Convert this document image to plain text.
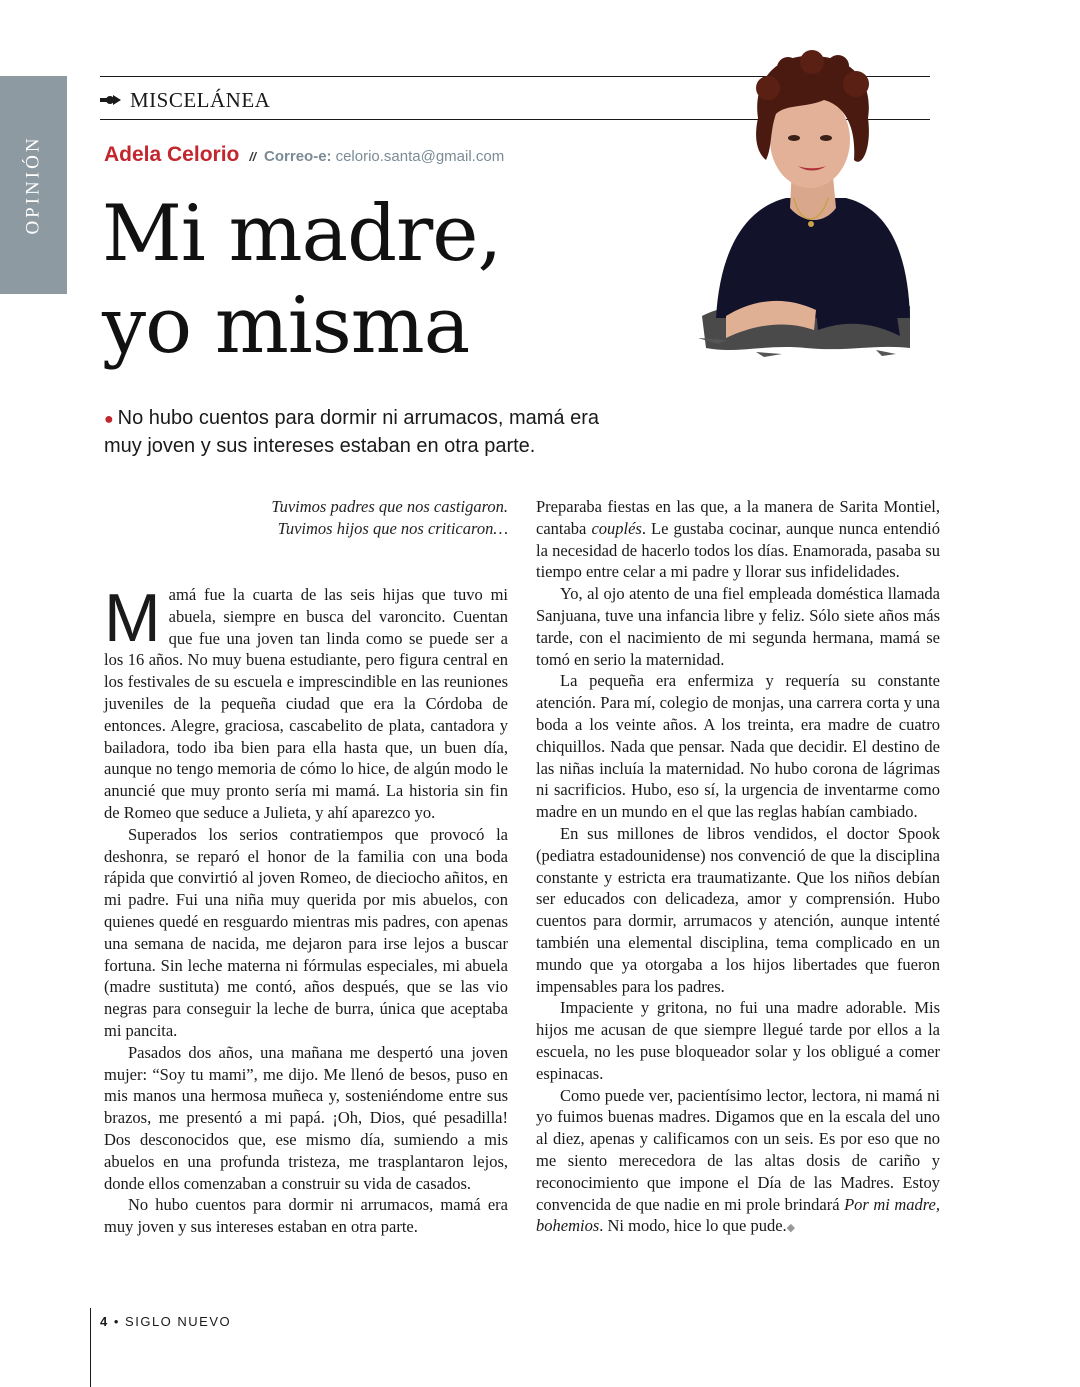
OPINIÓN
MISCELÁNEA
Adela Celorio // Correo-e: celorio.santa@gmail.com
Mi madre,
yo misma
● No hubo cuentos para dormir ni arrumacos, mamá era muy joven y sus intereses estaban en otra parte.
Tuvimos padres que nos castigaron.
Tuvimos hijos que nos criticaron…

Mamá fue la cuarta de las seis hijas que tuvo mi abuela, siempre en busca del varoncito. Cuentan que fue una joven tan linda como se puede ser a los 16 años. No muy buena estudiante, pero figura central en los festivales de su escuela e imprescindible en las reuniones juveniles de la pequeña ciudad que era la Córdoba de entonces. Alegre, graciosa, cascabelito de plata, cantadora y bailadora, todo iba bien para ella hasta que, un buen día, aunque no tengo memoria de cómo lo hice, de algún modo le anuncié que muy pronto sería mi mamá. La historia sin fin de Romeo que seduce a Julieta, y ahí aparezco yo.

Superados los serios contratiempos que provocó la deshonra, se reparó el honor de la familia con una boda rápida que convirtió al joven Romeo, de dieciocho añitos, en mi padre. Fui una niña muy querida por mis abuelos, con quienes quedé en resguardo mientras mis padres, con apenas una semana de nacida, me dejaron para irse lejos a buscar fortuna. Sin leche materna ni fórmulas especiales, mi abuela (madre sustituta) me contó, años después, que se las vio negras para conseguir la leche de burra, única que aceptaba mi pancita.

Pasados dos años, una mañana me despertó una joven mujer: “Soy tu mami”, me dijo. Me llenó de besos, puso en mis manos una hermosa muñeca y, sosteniéndome entre sus brazos, me presentó a mi papá. ¡Oh, Dios, qué pesadilla! Dos desconocidos que, ese mismo día, sumiendo a mis abuelos en una profunda tristeza, me trasplantaron lejos, donde ellos comenzaban a construir su vida de casados.

No hubo cuentos para dormir ni arrumacos, mamá era muy joven y sus intereses estaban en otra parte.

Preparaba fiestas en las que, a la manera de Sarita Montiel, cantaba couplés. Le gustaba cocinar, aunque nunca entendió la necesidad de hacerlo todos los días. Enamorada, pasaba su tiempo entre celar a mi padre y llorar sus infidelidades.

Yo, al ojo atento de una fiel empleada doméstica llamada Sanjuana, tuve una infancia libre y feliz. Sólo siete años más tarde, con el nacimiento de mi segunda hermana, mamá se tomó en serio la maternidad.

La pequeña era enfermiza y requería su constante atención. Para mí, colegio de monjas, una carrera corta y una boda a los veinte años. A los treinta, era madre de cuatro chiquillos. Nada que pensar. Nada que decidir. El destino de las niñas incluía la maternidad. No hubo corona de lágrimas ni sacrificios. Hubo, eso sí, la urgencia de inventarme como madre en un mundo en el que las reglas habían cambiado.

En sus millones de libros vendidos, el doctor Spook (pediatra estadounidense) nos convenció de que la disciplina constante y estricta era traumatizante. Que los niños debían ser educados con delicadeza, amor y comprensión. Hubo cuentos para dormir, arrumacos y atención, aunque intenté también una elemental disciplina, tema complicado en un mundo que ya otorgaba a los hijos libertades que fueron impensables para los padres.

Impaciente y gritona, no fui una madre adorable. Mis hijos me acusan de que siempre llegué tarde por ellos a la escuela, no les puse bloqueador solar y los obligué a comer espinacas.

Como puede ver, pacientísimo lector, lectora, ni mamá ni yo fuimos buenas madres. Digamos que en la escala del uno al diez, apenas y calificamos con un seis. Es por eso que no me siento merecedora de las altas dosis de cariño y reconocimiento que impone el Día de las Madres. Estoy convencida de que nadie en mi prole brindará Por mi madre, bohemios. Ni modo, hice lo que pude.◆

4 • SIGLO NUEVO
